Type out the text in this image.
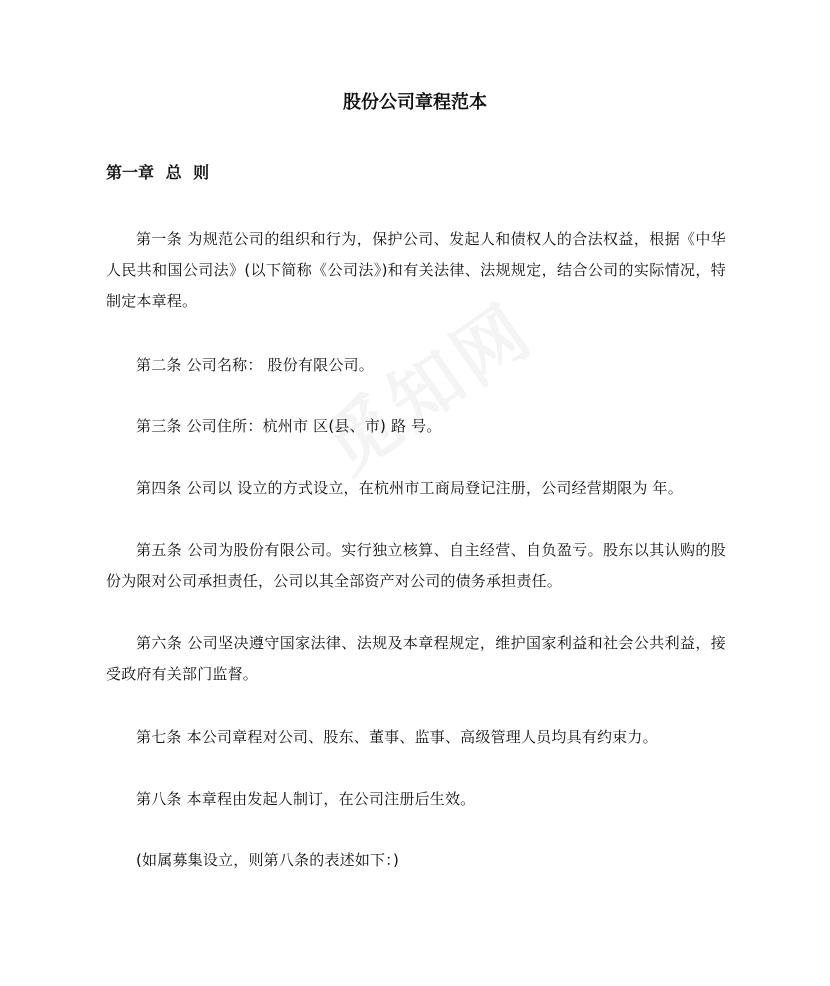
股份公司章程范本
第一章 总 则

第一条 为规范公司的组织和行为，保护公司、发起人和债权人的合法权益，根据《中华人民共和国公司法》(以下简称《公司法》)和有关法律、法规规定，结合公司的实际情况，特制定本章程。

第二条 公司名称： 股份有限公司。

第三条 公司住所：杭州市 区(县、市) 路 号。

第四条 公司以 设立的方式设立，在杭州市工商局登记注册，公司经营期限为 年。

第五条 公司为股份有限公司。实行独立核算、自主经营、自负盈亏。股东以其认购的股份为限对公司承担责任，公司以其全部资产对公司的债务承担责任。

第六条 公司坚决遵守国家法律、法规及本章程规定，维护国家利益和社会公共利益，接受政府有关部门监督。

第七条 本公司章程对公司、股东、董事、监事、高级管理人员均具有约束力。

第八条 本章程由发起人制订，在公司注册后生效。

(如属募集设立，则第八条的表述如下：)
